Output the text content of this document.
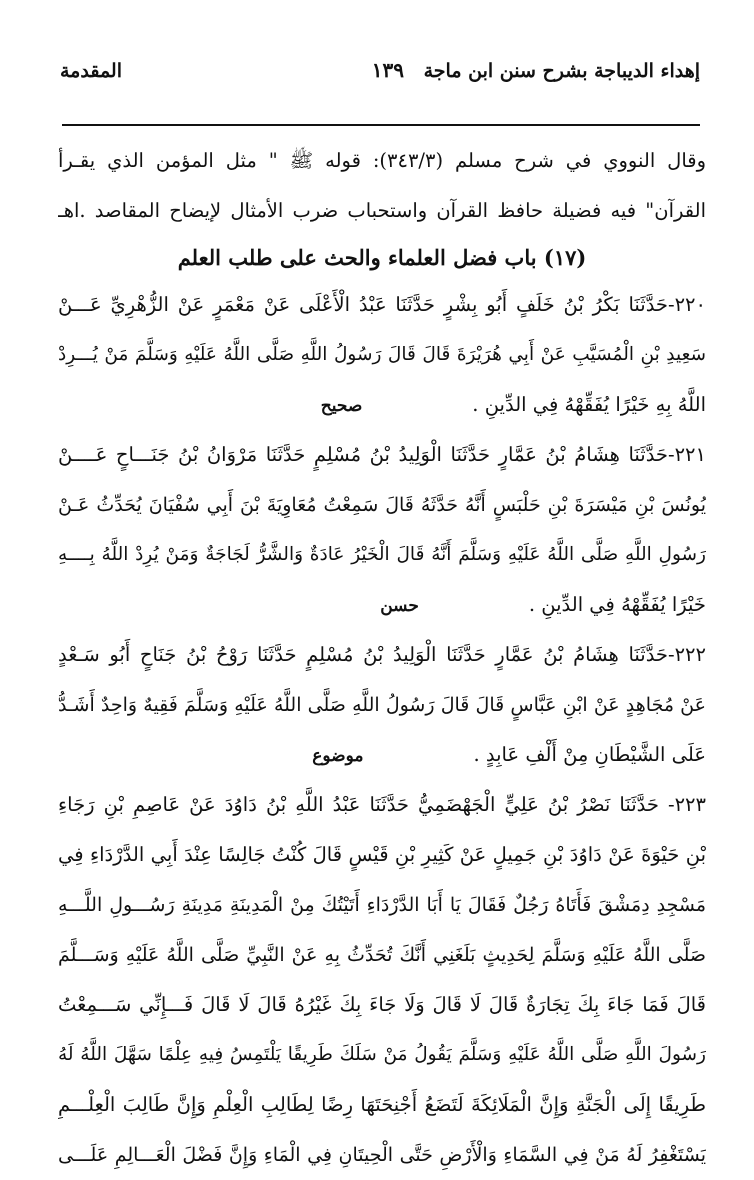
إهداء الديباجة بشرح سنن ابن ماجة
١٣٩
المقدمة
وقال النووي في شرح مسلم (٣٤٣/٣): قوله ﷺ " مثل المؤمن الذي يقـرأ
القرآن" فيه فضيلة حافظ القرآن واستحباب ضرب الأمثال لإيضاح المقاصد .اهـ
(١٧) باب فضل العلماء والحث على طلب العلم
٢٢٠-حَدَّثَنَا بَكْرُ بْنُ خَلَفٍ أَبُو بِشْرٍ حَدَّثَنَا عَبْدُ الْأَعْلَى عَنْ مَعْمَرٍ عَنْ الزُّهْرِيِّ عَـــنْ
سَعِيدِ بْنِ الْمُسَيَّبِ عَنْ أَبِي هُرَيْرَةَ قَالَ قَالَ رَسُولُ اللَّهِ صَلَّى اللَّهُ عَلَيْهِ وَسَلَّمَ مَنْ يُـــرِدْ
اللَّهُ بِهِ خَيْرًا يُفَقِّهْهُ فِي الدِّينِ .صحيح
٢٢١-حَدَّثَنَا هِشَامُ بْنُ عَمَّارٍ حَدَّثَنَا الْوَلِيدُ بْنُ مُسْلِمٍ حَدَّثَنَا مَرْوَانُ بْنُ جَنَـــاحٍ عَــــنْ
يُونُسَ بْنِ مَيْسَرَةَ بْنِ حَلْبَسٍ أَنَّهُ حَدَّثَهُ قَالَ سَمِعْتُ مُعَاوِيَةَ بْنَ أَبِي سُفْيَانَ يُحَدِّثُ عَـنْ
رَسُولِ اللَّهِ صَلَّى اللَّهُ عَلَيْهِ وَسَلَّمَ أَنَّهُ قَالَ الْخَيْرُ عَادَةٌ وَالشَّرُّ لَجَاجَةٌ وَمَنْ يُرِدْ اللَّهُ بِــــهِ
خَيْرًا يُفَقِّهْهُ فِي الدِّينِ .حسن
٢٢٢-حَدَّثَنَا هِشَامُ بْنُ عَمَّارٍ حَدَّثَنَا الْوَلِيدُ بْنُ مُسْلِمٍ حَدَّثَنَا رَوْحُ بْنُ جَنَاحٍ أَبُو سَـعْدٍ
عَنْ مُجَاهِدٍ عَنْ ابْنِ عَبَّاسٍ قَالَ قَالَ رَسُولُ اللَّهِ صَلَّى اللَّهُ عَلَيْهِ وَسَلَّمَ فَقِيهٌ وَاحِدٌ أَشَـدُّ
عَلَى الشَّيْطَانِ مِنْ أَلْفِ عَابِدٍ .موضوع
٢٢٣- حَدَّثَنَا نَصْرُ بْنُ عَلِيٍّ الْجَهْضَمِيُّ حَدَّثَنَا عَبْدُ اللَّهِ بْنُ دَاوُدَ عَنْ عَاصِمِ بْنِ رَجَاءِ
بْنِ حَيْوَةَ عَنْ دَاوُدَ بْنِ جَمِيلٍ عَنْ كَثِيرِ بْنِ قَيْسٍ قَالَ كُنْتُ جَالِسًا عِنْدَ أَبِي الدَّرْدَاءِ فِي
مَسْجِدِ دِمَشْقَ فَأَتَاهُ رَجُلٌ فَقَالَ يَا أَبَا الدَّرْدَاءِ أَتَيْتُكَ مِنْ الْمَدِينَةِ مَدِينَةِ رَسُـــولِ اللَّـــهِ
صَلَّى اللَّهُ عَلَيْهِ وَسَلَّمَ لِحَدِيثٍ بَلَغَنِي أَنَّكَ تُحَدِّثُ بِهِ عَنْ النَّبِيِّ صَلَّى اللَّهُ عَلَيْهِ وَسَـــلَّمَ
قَالَ فَمَا جَاءَ بِكَ تِجَارَةٌ قَالَ لَا قَالَ وَلَا جَاءَ بِكَ غَيْرُهُ قَالَ لَا قَالَ فَـــإِنِّي سَـــمِعْتُ
رَسُولَ اللَّهِ صَلَّى اللَّهُ عَلَيْهِ وَسَلَّمَ يَقُولُ مَنْ سَلَكَ طَرِيقًا يَلْتَمِسُ فِيهِ عِلْمًا سَهَّلَ اللَّهُ لَهُ
طَرِيقًا إِلَى الْجَنَّةِ وَإِنَّ الْمَلَائِكَةَ لَتَضَعُ أَجْنِحَتَهَا رِضًا لِطَالِبِ الْعِلْمِ وَإِنَّ طَالِبَ الْعِلْـــمِ
يَسْتَغْفِرُ لَهُ مَنْ فِي السَّمَاءِ وَالْأَرْضِ حَتَّى الْحِيتَانِ فِي الْمَاءِ وَإِنَّ فَضْلَ الْعَـــالِمِ عَلَـــى
